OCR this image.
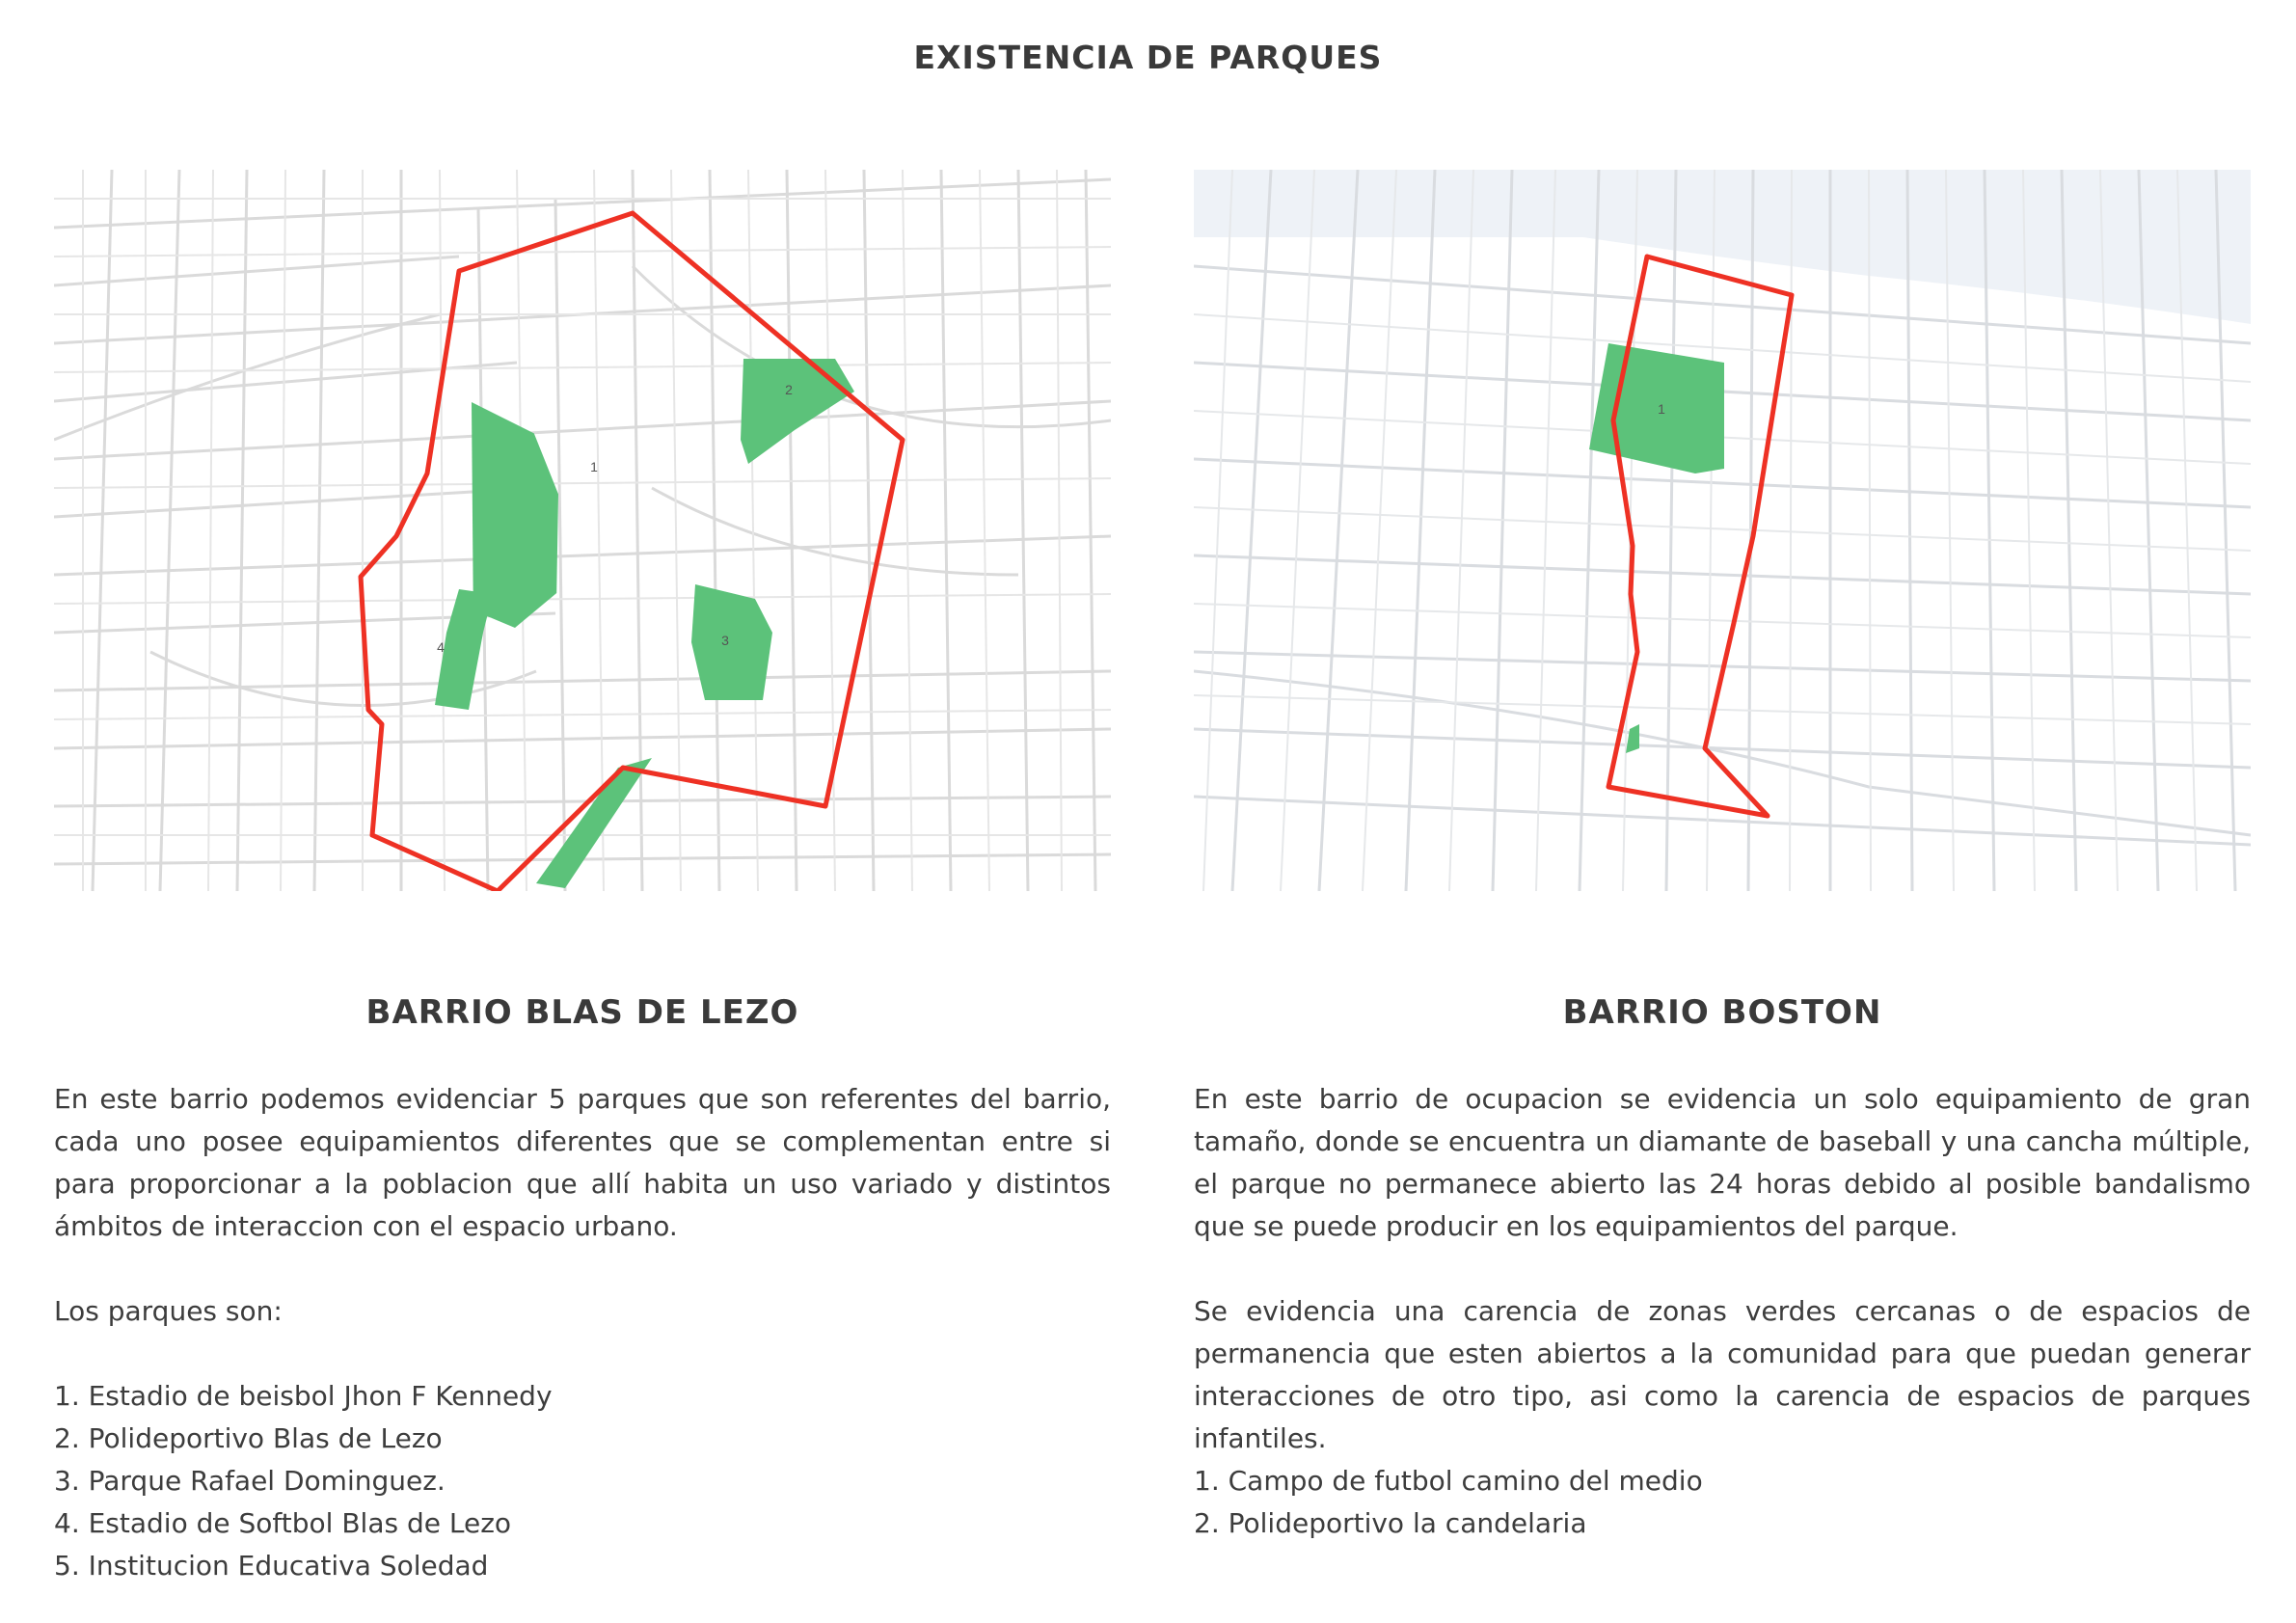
EXISTENCIA DE PARQUES
1
2
3
4
1
BARRIO BLAS DE LEZO

En este barrio podemos evidenciar 5 parques que son referentes del barrio, cada uno posee equipamientos diferentes que se complementan entre si para proporcionar a la poblacion que allí habita un uso variado y distintos ámbitos de interaccion con el espacio urbano.

Los parques son:

1. Estadio de beisbol Jhon F Kennedy
2. Polideportivo Blas de Lezo
3. Parque Rafael Dominguez.
4. Estadio de Softbol Blas de Lezo
5. Institucion Educativa Soledad
BARRIO BOSTON

En este barrio de ocupacion se evidencia un solo equipamiento de gran tamaño, donde se encuentra un diamante de baseball y una cancha múltiple, el parque no permanece abierto las 24 horas debido al posible bandalismo que se puede producir en los equipamientos del parque.

Se evidencia una carencia de zonas verdes cercanas o de espacios de permanencia que esten abiertos a la comunidad para que puedan generar interacciones de otro tipo, asi como la carencia de espacios de parques infantiles.

1. Campo de futbol camino del medio
2. Polideportivo la candelaria
